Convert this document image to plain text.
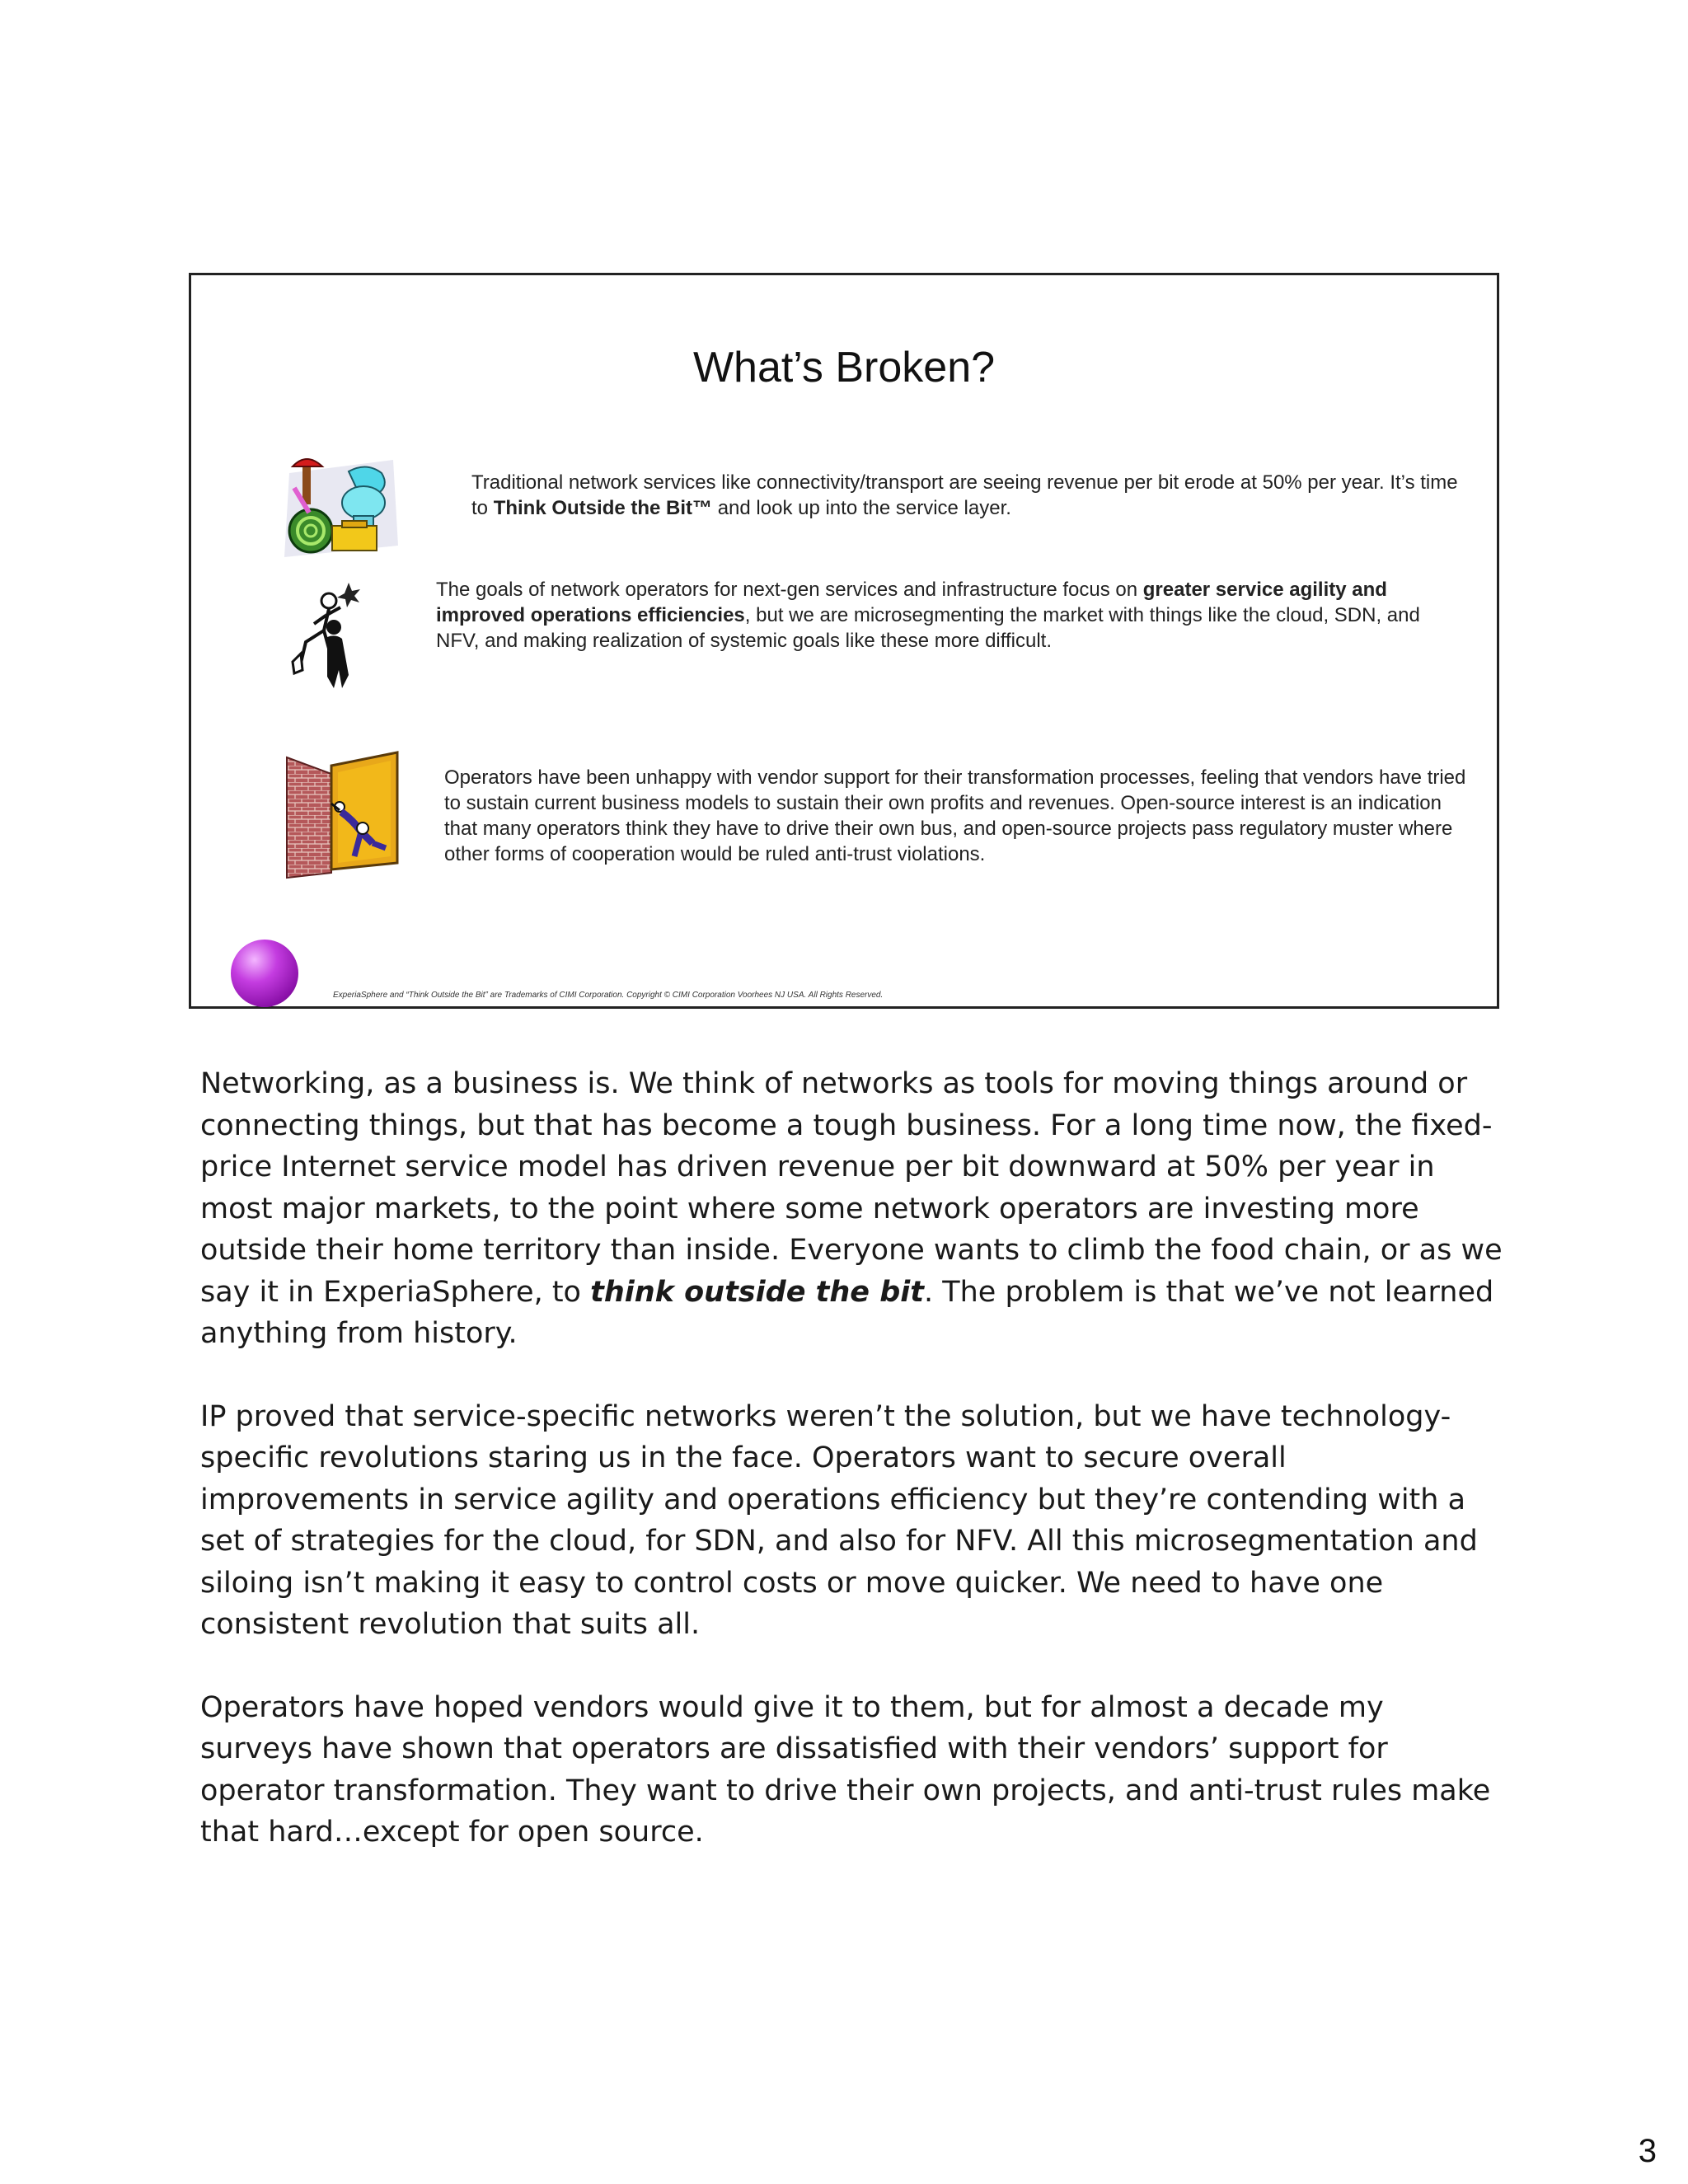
What’s Broken?

Traditional network services like connectivity/transport are seeing revenue per bit erode at 50% per year. It’s time to Think Outside the Bit™ and look up into the service layer.

The goals of network operators for next-gen services and infrastructure focus on greater service agility and improved operations efficiencies, but we are microsegmenting the market with things like the cloud, SDN, and NFV, and making realization of systemic goals like these more difficult.

Operators have been unhappy with vendor support for their transformation processes, feeling that vendors have tried to sustain current business models to sustain their own profits and revenues. Open-source interest is an indication that many operators think they have to drive their own bus, and open-source projects pass regulatory muster where other forms of cooperation would be ruled anti-trust violations.

ExperiaSphere and “Think Outside the Bit” are Trademarks of CIMI Corporation. Copyright © CIMI Corporation Voorhees NJ USA. All Rights Reserved.

Networking, as a business is. We think of networks as tools for moving things around or connecting things, but that has become a tough business. For a long time now, the fixed-price Internet service model has driven revenue per bit downward at 50% per year in most major markets, to the point where some network operators are investing more outside their home territory than inside. Everyone wants to climb the food chain, or as we say it in ExperiaSphere, to think outside the bit. The problem is that we’ve not learned anything from history.

IP proved that service-specific networks weren’t the solution, but we have technology-specific revolutions staring us in the face. Operators want to secure overall improvements in service agility and operations efficiency but they’re contending with a set of strategies for the cloud, for SDN, and also for NFV. All this microsegmentation and siloing isn’t making it easy to control costs or move quicker. We need to have one consistent revolution that suits all.

Operators have hoped vendors would give it to them, but for almost a decade my surveys have shown that operators are dissatisfied with their vendors’ support for operator transformation. They want to drive their own projects, and anti-trust rules make that hard…except for open source.

3
